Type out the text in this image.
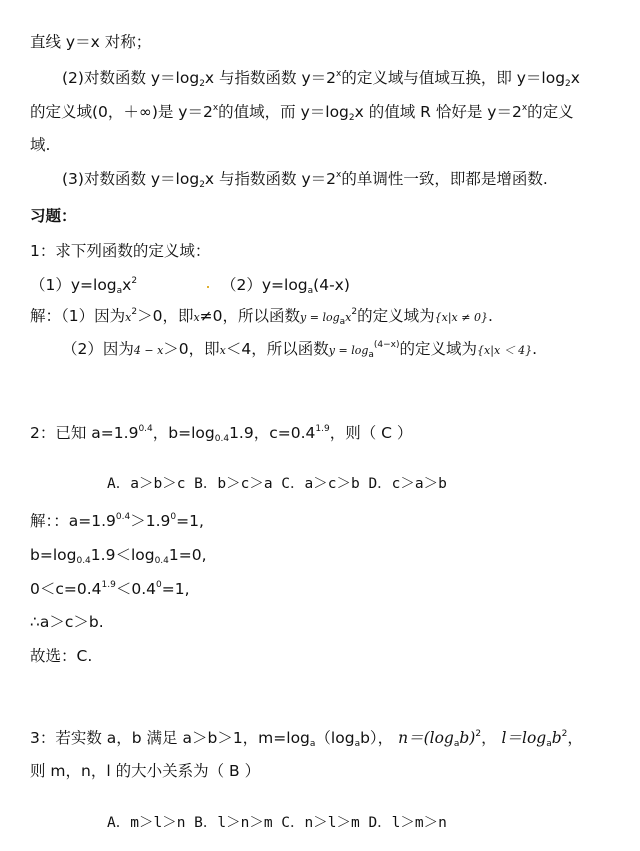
直线 y＝x 对称；
(2)对数函数 $y=\log_2x$ 与指数函数 $y=2^x$的定义域与值域互换，即 $y=\log_2x$
的定义域(0，＋∞)是 $y=2^x$的值域，而 $y=\log_2x$ 的值域 R 恰好是 $y=2^x$的定义
域.
(3)对数函数 $y=\log_2x$ 与指数函数 $y=2^x$的单调性一致，即都是增函数.
习题：
1：求下列函数的定义域：
$(1)y=\log_ax^2$	$(2)y=\log_a(4-x)$
解：（1）因为$x^2>0$，即x≠0，所以函数$y = \log_ax^2$的定义域为{x|x ≠ 0}.
（2）因为4 − x＞0，即x＜4，所以函数$y = \log_a^{(4-x)}$的定义域为{x|x ＜ 4}.
2：已知 $a=1.9^{0.4}$，$b=\log_{0.4}1.9$，$c=0.4^{1.9}$，则（ C ）
A．a＞b＞c B．b＞c＞a C．a＞c＞b D．c＞a＞b
解：：$a=1.9^{0.4}>1.9^0=1$,
$b=\log_{0.4}1.9<\log_{0.4}1=0$,
$0<c=0.4^{1.9}<0.4^0=1$,
∴a＞c＞b.
故选：C.
3：若实数 a，b 满足 a＞b＞1，$m=\log_a(\log_ab)$， $n=(\log_ab)^2$， $l=\log_ab^2$，
则 m，n，l 的大小关系为（ B ）
A．m＞l＞n B．l＞n＞m C．n＞l＞m D．l＞m＞n
